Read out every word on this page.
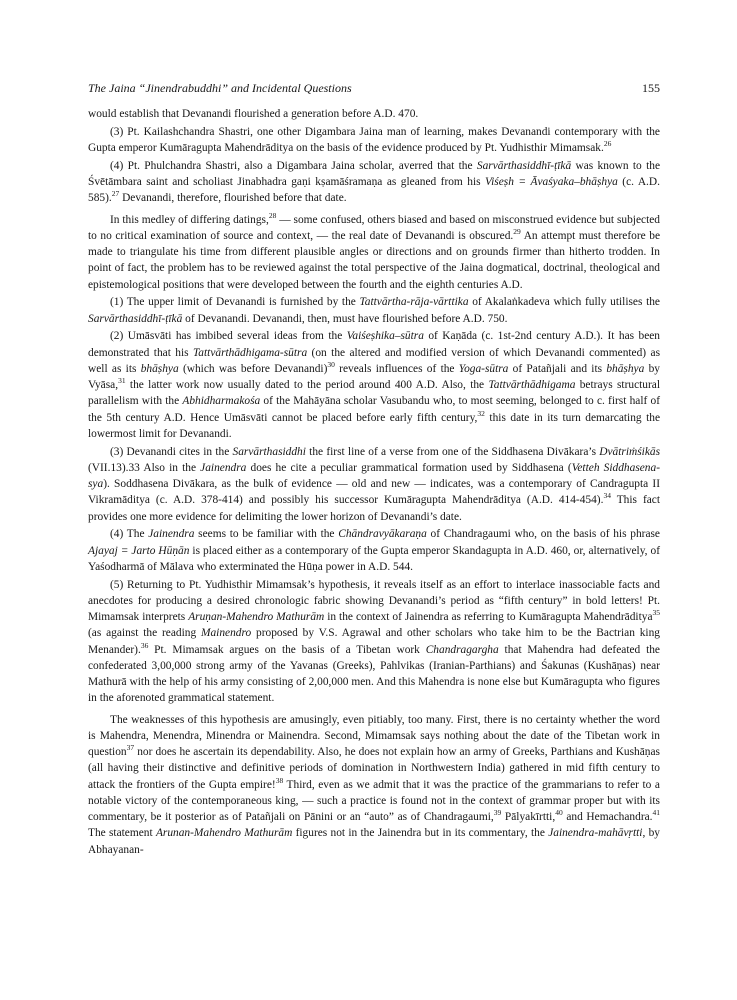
The Jaina “Jinendrabuddhi” and Incidental Questions	155

would establish that Devanandi flourished a generation before A.D. 470.

(3) Pt. Kailashchandra Shastri, one other Digambara Jaina man of learning, makes Devanandi contemporary with the Gupta emperor Kumāragupta Mahendrāditya on the basis of the evidence produced by Pt. Yudhisthir Mimamsak.$^{26}$

(4) Pt. Phulchandra Shastri, also a Digambara Jaina scholar, averred that the Sarvārthasiddhī-ṭīkā was known to the Śvētāmbara saint and scholiast Jinabhadra gaṇi kṣamāśramaṇa as gleaned from his Viśeṣh = Āvaśyaka–bhāṣhya (c. A.D. 585).$^{27}$ Devanandi, therefore, flourished before that date.

In this medley of differing datings,$^{28}$ — some confused, others biased and based on misconstrued evidence but subjected to no critical examination of source and context, — the real date of Devanandi is obscured.$^{29}$ An attempt must therefore be made to triangulate his time from different plausible angles or directions and on grounds firmer than hitherto trodden. In point of fact, the problem has to be reviewed against the total perspective of the Jaina dogmatical, doctrinal, theological and epistemological positions that were developed between the fourth and the eighth centuries A.D.

(1) The upper limit of Devanandi is furnished by the Tattvārtha-rāja-vārttika of Akalaṅkadeva which fully utilises the Sarvārthasiddhī-ṭīkā of Devanandi. Devanandi, then, must have flourished before A.D. 750.

(2) Umāsvāti has imbibed several ideas from the Vaiśeṣhika–sūtra of Kaṇāda (c. 1st-2nd century A.D.). It has been demonstrated that his Tattvārthādhigama-sūtra (on the altered and modified version of which Devanandi commented) as well as its bhāṣhya (which was before Devanandi)$^{30}$ reveals influences of the Yoga-sūtra of Patañjali and its bhāṣhya by Vyāsa,$^{31}$ the latter work now usually dated to the period around 400 A.D. Also, the Tattvārthādhigama betrays structural parallelism with the Abhidharmakośa of the Mahāyāna scholar Vasubandu who, to most seeming, belonged to c. first half of the 5th century A.D. Hence Umāsvāti cannot be placed before early fifth century,$^{32}$ this date in its turn demarcating the lowermost limit for Devanandi.

(3) Devanandi cites in the Sarvārthasiddhi the first line of a verse from one of the Siddhasena Divākara’s Dvātriṁśikās (VII.13).33 Also in the Jainendra does he cite a peculiar grammatical formation used by Siddhasena (Vetteh Siddhasena-sya). Soddhasena Divākara, as the bulk of evidence — old and new — indicates, was a contemporary of Candragupta II Vikramāditya (c. A.D. 378-414) and possibly his successor Kumāragupta Mahendrāditya (A.D. 414-454).$^{34}$ This fact provides one more evidence for delimiting the lower horizon of Devanandi’s date.

(4) The Jainendra seems to be familiar with the Chāndravyākaraṇa of Chandragaumi who, on the basis of his phrase Ajayaj = Jarto Hūṇān is placed either as a contemporary of the Gupta emperor Skandagupta in A.D. 460, or, alternatively, of Yaśodharmā of Mālava who exterminated the Hūṇa power in A.D. 544.

(5) Returning to Pt. Yudhisthir Mimamsak’s hypothesis, it reveals itself as an effort to interlace inassociable facts and anecdotes for producing a desired chronologic fabric showing Devanandi’s period as “fifth century” in bold letters! Pt. Mimamsak interprets Aruṇan-Mahendro Mathurām in the context of Jainendra as referring to Kumāragupta Mahendrāditya$^{35}$ (as against the reading Mainendro proposed by V.S. Agrawal and other scholars who take him to be the Bactrian king Menander).$^{36}$ Pt. Mimamsak argues on the basis of a Tibetan work Chandragargha that Mahendra had defeated the confederated 3,00,000 strong army of the Yavanas (Greeks), Pahlvikas (Iranian-Parthians) and Śakunas (Kushāṇas) near Mathurā with the help of his army consisting of 2,00,000 men. And this Mahendra is none else but Kumāragupta who figures in the aforenoted grammatical statement.

The weaknesses of this hypothesis are amusingly, even pitiably, too many. First, there is no certainty whether the word is Mahendra, Menendra, Minendra or Mainendra. Second, Mimamsak says nothing about the date of the Tibetan work in question$^{37}$ nor does he ascertain its dependability. Also, he does not explain how an army of Greeks, Parthians and Kushāṇas (all having their distinctive and definitive periods of domination in Northwestern India) gathered in mid fifth century to attack the frontiers of the Gupta empire!$^{38}$ Third, even as we admit that it was the practice of the grammarians to refer to a notable victory of the contemporaneous king, — such a practice is found not in the context of grammar proper but with its commentary, be it posterior as of Patañjali on Pānini or an “auto” as of Chandragaumi,$^{39}$ Pālyakīrtti,$^{40}$ and Hemachandra.$^{41}$ The statement Arunan-Mahendro Mathurām figures not in the Jainendra but in its commentary, the Jainendra-mahāvṛtti, by Abhayanan-
